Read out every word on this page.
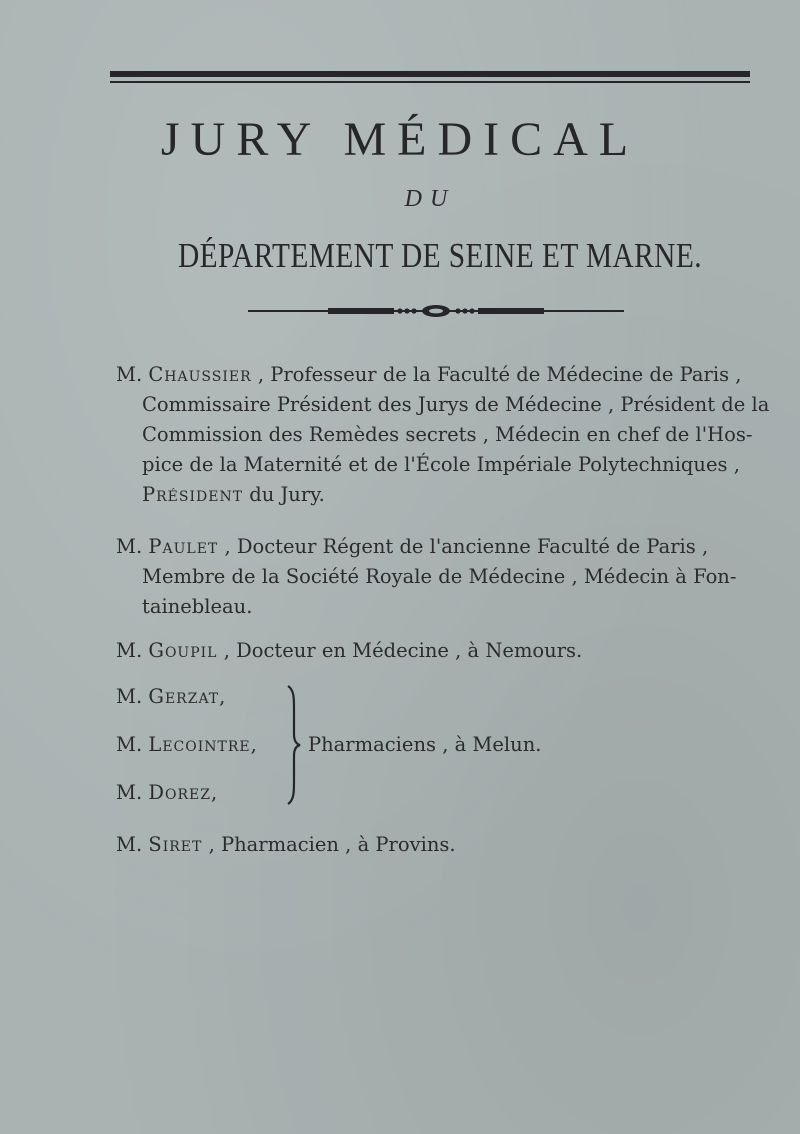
JURY MÉDICAL
DU
DÉPARTEMENT DE SEINE ET MARNE.
M. Chaussier , Professeur de la Faculté de Médecine de Paris ,
Commissaire Président des Jurys de Médecine , Président de la
Commission des Remèdes secrets , Médecin en chef de l'Hos-
pice de la Maternité et de l'École Impériale Polytechniques ,
Président du Jury.
M. Paulet , Docteur Régent de l'ancienne Faculté de Paris ,
Membre de la Société Royale de Médecine , Médecin à Fon-
tainebleau.
M. Goupil , Docteur en Médecine , à Nemours.
M. Gerzat,
M. Lecointre,
M. Dorez,
Pharmaciens , à Melun.
M. Siret , Pharmacien , à Provins.
